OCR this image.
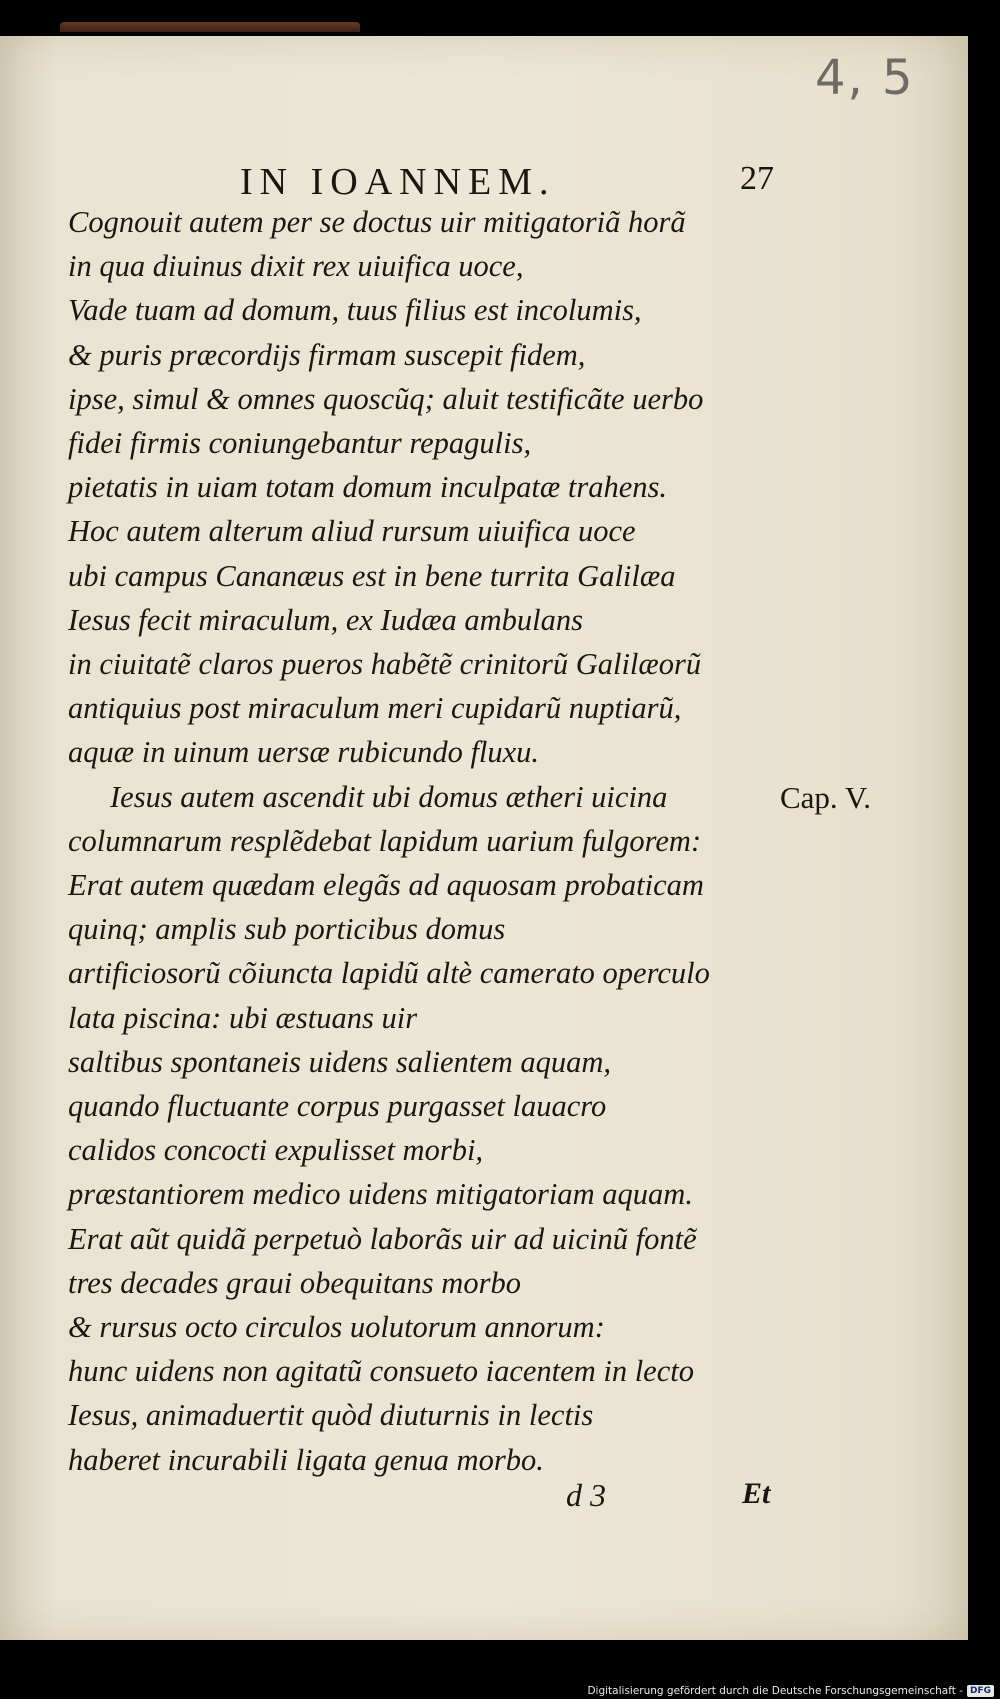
4, 5
IN IOANNEM.	27
Cognouit autem per se doctus uir mitigatoriã horã
in qua diuinus dixit rex uiuifica uoce,
Vade tuam ad domum, tuus filius est incolumis,
& puris præcordijs firmam suscepit fidem,
ipse, simul & omnes quoscũq; aluit testificãte uerbo
fidei firmis coniungebantur repagulis,
pietatis in uiam totam domum inculpatæ trahens.
Hoc autem alterum aliud rursum uiuifica uoce
ubi campus Cananæus est in bene turrita Galilæa
Iesus fecit miraculum, ex Iudæa ambulans
in ciuitatẽ claros pueros habẽtẽ crinitorũ Galilæorũ
antiquius post miraculum meri cupidarũ nuptiarũ,
aquæ in uinum uersæ rubicundo fluxu.
Iesus autem ascendit ubi domus ætheri uicina
columnarum resplẽdebat lapidum uarium fulgorem:
Erat autem quædam elegãs ad aquosam probaticam
quinq; amplis sub porticibus domus
artificiosorũ cõiuncta lapidũ altè camerato operculo
lata piscina: ubi æstuans uir
saltibus spontaneis uidens salientem aquam,
quando fluctuante corpus purgasset lauacro
calidos concocti expulisset morbi,
præstantiorem medico uidens mitigatoriam aquam.
Erat aũt quidã perpetuò laborãs uir ad uicinũ fontẽ
tres decades graui obequitans morbo
& rursus octo circulos uolutorum annorum:
hunc uidens non agitatũ consueto iacentem in lecto
Iesus, animaduertit quòd diuturnis in lectis
haberet incurabili ligata genua morbo.
Cap. V.
d 3	Et
Digitalisierung gefördert durch die Deutsche Forschungsgemeinschaft - DFG
